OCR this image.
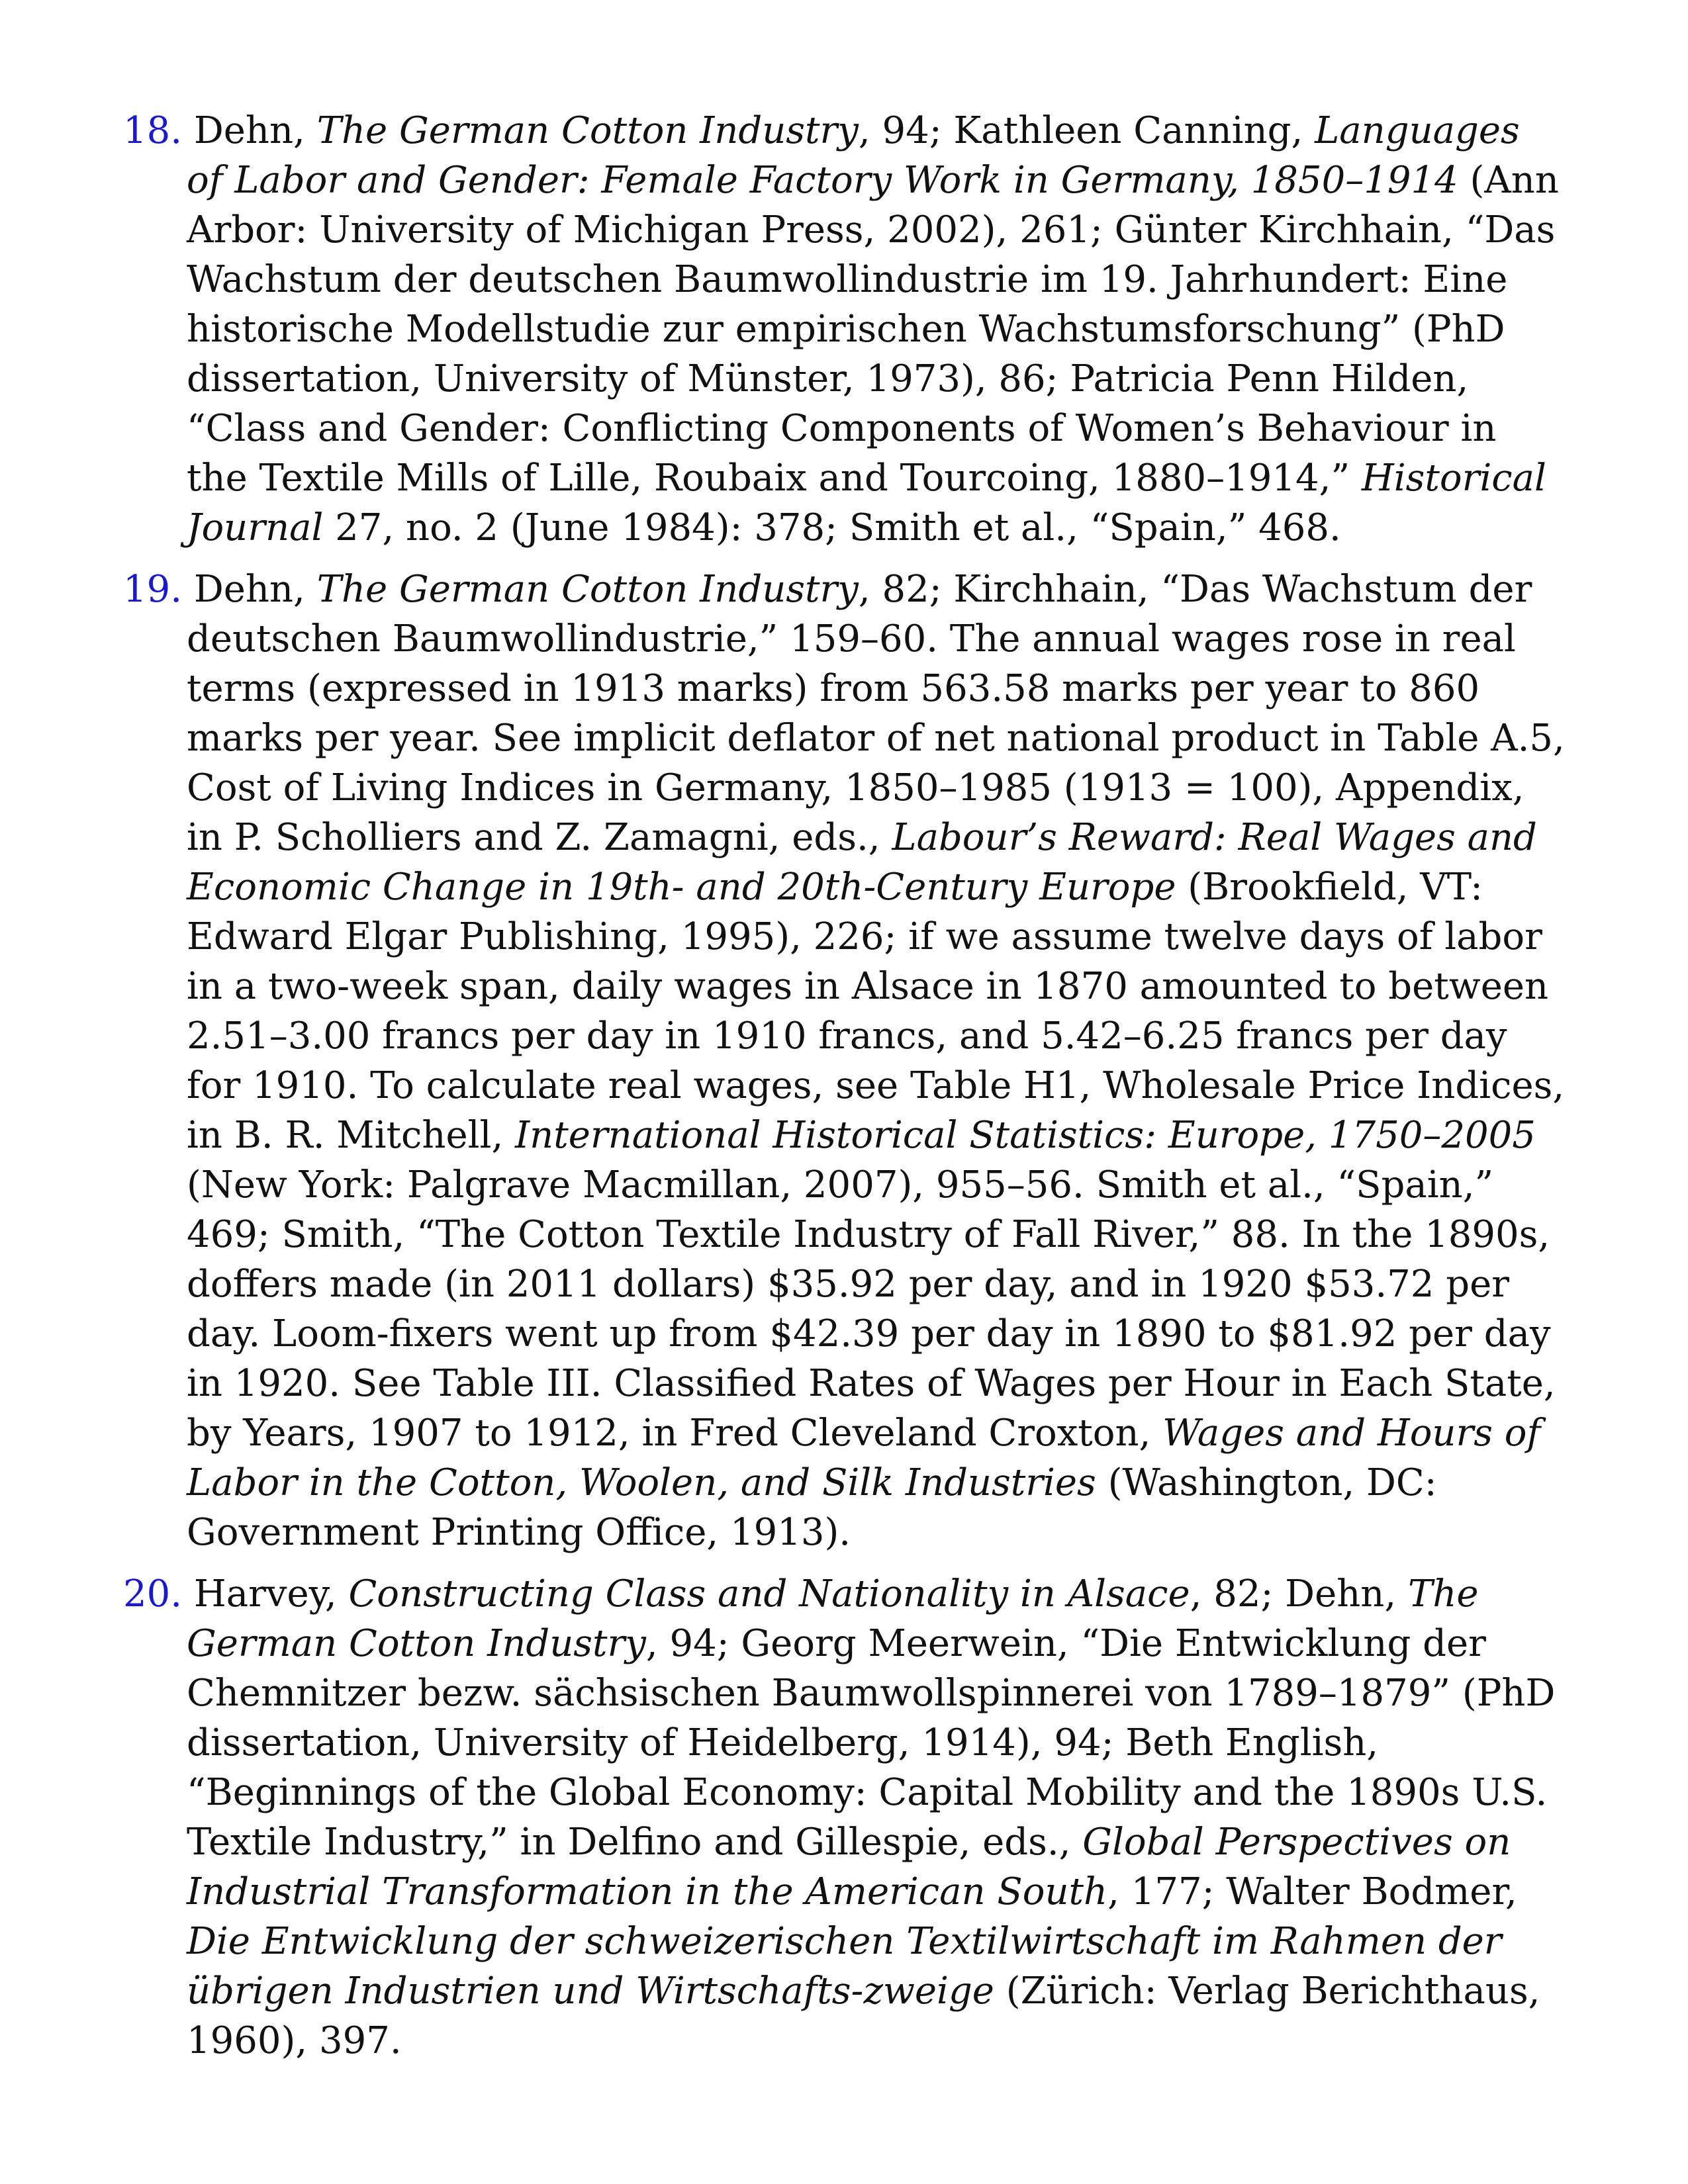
18. Dehn, The German Cotton Industry, 94; Kathleen Canning, Languages of Labor and Gender: Female Factory Work in Germany, 1850–1914 (Ann Arbor: University of Michigan Press, 2002), 261; Günter Kirchhain, “Das Wachstum der deutschen Baumwollindustrie im 19. Jahrhundert: Eine historische Modellstudie zur empirischen Wachstumsforschung” (PhD dissertation, University of Münster, 1973), 86; Patricia Penn Hilden, “Class and Gender: Conflicting Components of Women’s Behaviour in the Textile Mills of Lille, Roubaix and Tourcoing, 1880–1914,” Historical Journal 27, no. 2 (June 1984): 378; Smith et al., “Spain,” 468.

19. Dehn, The German Cotton Industry, 82; Kirchhain, “Das Wachstum der deutschen Baumwollindustrie,” 159–60. The annual wages rose in real terms (expressed in 1913 marks) from 563.58 marks per year to 860 marks per year. See implicit deflator of net national product in Table A.5, Cost of Living Indices in Germany, 1850–1985 (1913 = 100), Appendix, in P. Scholliers and Z. Zamagni, eds., Labour’s Reward: Real Wages and Economic Change in 19th- and 20th-Century Europe (Brookfield, VT: Edward Elgar Publishing, 1995), 226; if we assume twelve days of labor in a two-week span, daily wages in Alsace in 1870 amounted to between 2.51–3.00 francs per day in 1910 francs, and 5.42–6.25 francs per day for 1910. To calculate real wages, see Table H1, Wholesale Price Indices, in B. R. Mitchell, International Historical Statistics: Europe, 1750–2005 (New York: Palgrave Macmillan, 2007), 955–56. Smith et al., “Spain,” 469; Smith, “The Cotton Textile Industry of Fall River,” 88. In the 1890s, doffers made (in 2011 dollars) $35.92 per day, and in 1920 $53.72 per day. Loom-fixers went up from $42.39 per day in 1890 to $81.92 per day in 1920. See Table III. Classified Rates of Wages per Hour in Each State, by Years, 1907 to 1912, in Fred Cleveland Croxton, Wages and Hours of Labor in the Cotton, Woolen, and Silk Industries (Washington, DC: Government Printing Office, 1913).

20. Harvey, Constructing Class and Nationality in Alsace, 82; Dehn, The German Cotton Industry, 94; Georg Meerwein, “Die Entwicklung der Chemnitzer bezw. sächsischen Baumwollspinnerei von 1789–1879” (PhD dissertation, University of Heidelberg, 1914), 94; Beth English, “Beginnings of the Global Economy: Capital Mobility and the 1890s U.S. Textile Industry,” in Delfino and Gillespie, eds., Global Perspectives on Industrial Transformation in the American South, 177; Walter Bodmer, Die Entwicklung der schweizerischen Textilwirtschaft im Rahmen der übrigen Industrien und Wirtschafts-zweige (Zürich: Verlag Berichthaus, 1960), 397.
